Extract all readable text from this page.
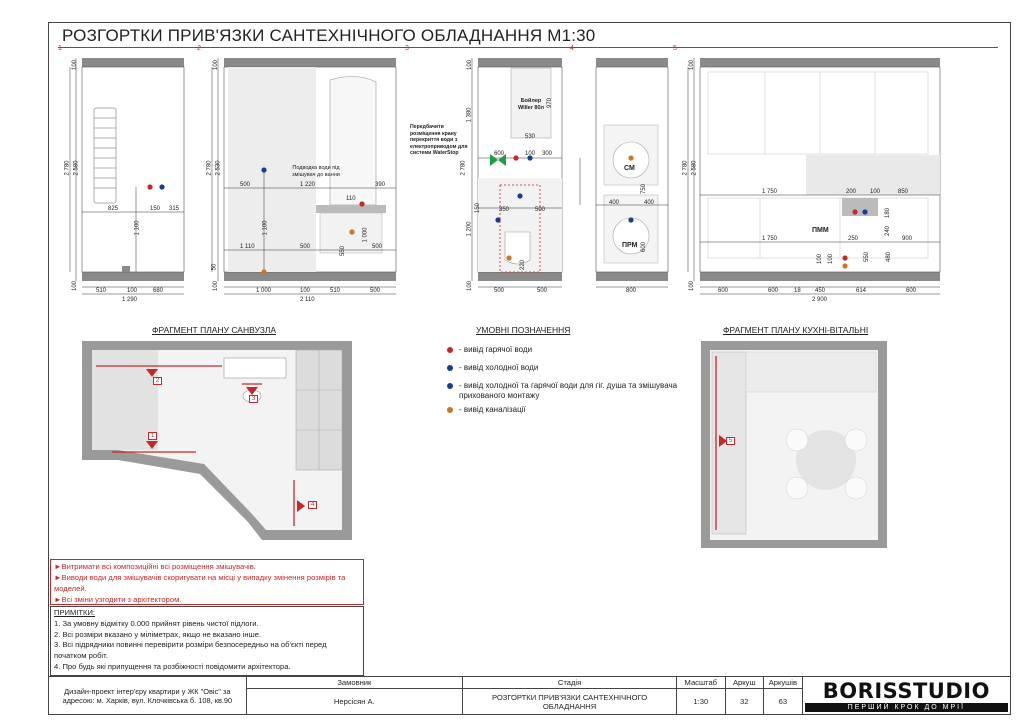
РОЗГОРТКИ ПРИВ'ЯЗКИ САНТЕХНІЧНОГО ОБЛАДНАННЯ М1:30
1	2	3	4	5
2 780 2 580
100
100
1 100
825	150 315
510	100	680
1 290
2 780 2 530
100
100
1 100
550
1 000
50
500	1 220	390
110
500
1 110	500
1 000	100	510	500
2 110
Подводка води під змішувач до ванни	2 780
1 380
100
970
100
1 200
150
220
600	100 300
530
350	500
500	500
Бойлер Willer 80л
Передбачити розміщення крану перекриття води з електроприводом для системи WaterStop
750
600
400	400
800
СМ
ПРМ
2 780 2 580
100
100
180
240
480
550
100 100
1 750	200 100	850
1 750	250	900
600	600	18 450	614	600
2 900
ПММ
ФРАГМЕНТ ПЛАНУ САНВУЗЛА	ФРАГМЕНТ ПЛАНУ КУХНІ-ВІТАЛЬНІ
1
2
3
4
5
УМОВНІ ПОЗНАЧЕННЯ
- вивід гарячої води
- вивід холодної води
- вивід холодної та гарячої води для гіг. душа та змішувача прихованого монтажу
- вивід каналізації
►Витримати всі композиційні всі розміщення змішувачів.
►Виводи води для змішувачів скоригувати на місці у випадку змінення розмірів та моделей.
►Всі зміни узгодити з архітектором.
ПРИМІТКИ:
1. За умовну відмітку 0.000 прийнят рівень чистої підлоги.
2. Всі розміри вказано у міліметрах, якщо не вказано інше.
3. Всі підрядники повинні перевірити розміри безпосередньо на об'єкті перед початком робіт.
4. Про будь які припущення та розбіжності повідомити архітектора.
Дизайн-проект інтер'єру квартири у ЖК "Овіс" за адресою: м. Харків, вул. Клочківська б. 108, кв.90	Замовник	Стадія	Масштаб	Аркуш	Аркушів	BORISSTUDIO
ПЕРШИЙ КРОК ДО МРІЇ

	Нерсісян А.	РОЗГОРТКИ ПРИВ'ЯЗКИ САНТЕХНІЧНОГО ОБЛАДНАННЯ	1:30	32	63	
